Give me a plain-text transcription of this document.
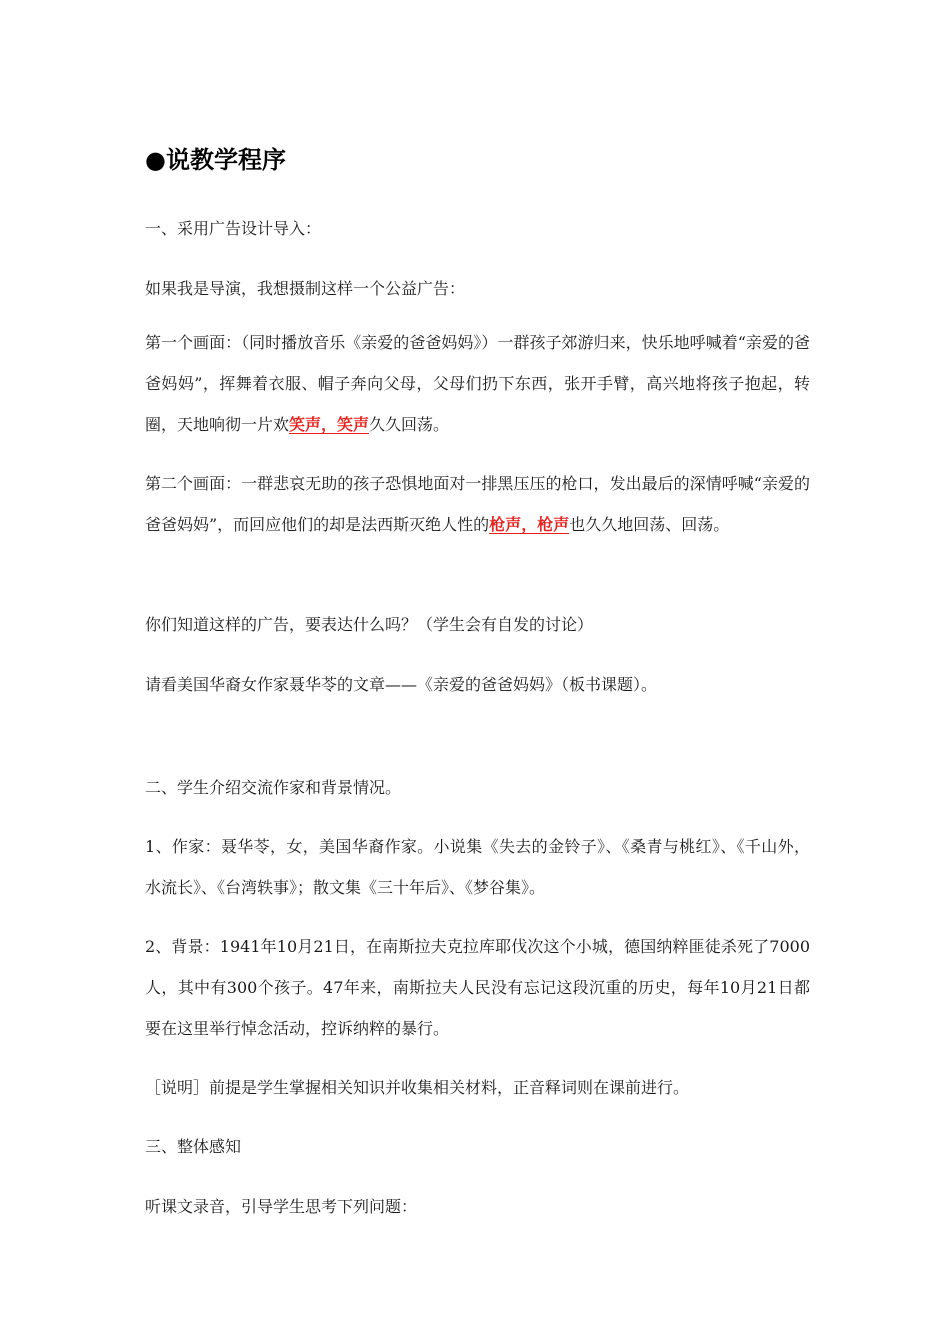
●说教学程序

一、采用广告设计导入：

如果我是导演，我想摄制这样一个公益广告：

第一个画面：（同时播放音乐《亲爱的爸爸妈妈》）一群孩子郊游归来，快乐地呼喊着“亲爱的爸爸妈妈”，挥舞着衣服、帽子奔向父母，父母们扔下东西，张开手臂，高兴地将孩子抱起，转圈，天地响彻一片欢笑声，笑声久久回荡。

第二个画面：一群悲哀无助的孩子恐惧地面对一排黑压压的枪口，发出最后的深情呼喊“亲爱的爸爸妈妈”，而回应他们的却是法西斯灭绝人性的枪声，枪声也久久地回荡、回荡。

你们知道这样的广告，要表达什么吗？（学生会有自发的讨论）

请看美国华裔女作家聂华苓的文章——《亲爱的爸爸妈妈》（板书课题）。

二、学生介绍交流作家和背景情况。

1、作家：聂华苓，女，美国华裔作家。小说集《失去的金铃子》、《桑青与桃红》、《千山外，水流长》、《台湾轶事》；散文集《三十年后》、《梦谷集》。

2、背景：1941年10月21日，在南斯拉夫克拉库耶伐次这个小城，德国纳粹匪徒杀死了7000人，其中有300个孩子。47年来，南斯拉夫人民没有忘记这段沉重的历史，每年10月21日都要在这里举行悼念活动，控诉纳粹的暴行。

［说明］前提是学生掌握相关知识并收集相关材料，正音释词则在课前进行。

三、整体感知

听课文录音，引导学生思考下列问题：
